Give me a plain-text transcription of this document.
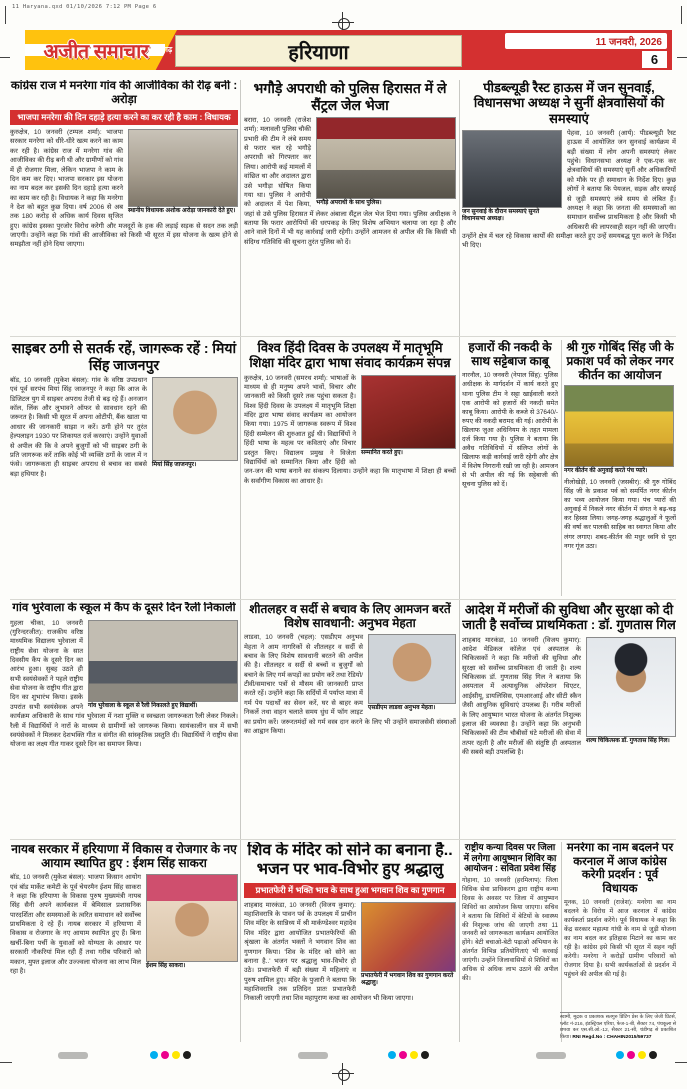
11 Haryana.qxd 01/10/2026 7:12 PM Page 6
अजीत समाचार चंडीगढ़	हरियाणा	11 जनवरी, 2026
6
कांग्रेस राज में मनरेगा गांव की आजीविका की रीढ़ बनी : अरोड़ा
भाजपा मनरेगा की दिन दहाड़े हत्या करने का कर रही है काम : विधायक
स्थानीय विधायक अशोक अरोड़ा जानकारी देते हुए।
कुरुक्षेत्र, 10 जनवरी (टम्पल शर्मा): भाजपा सरकार मनरेगा को धीरे-धीरे खत्म करने का काम कर रही है। कांग्रेस राज में मनरेगा गांव की आजीविका की रीढ़ बनी थी और ग्रामीणों को गांव में ही रोजगार मिला, लेकिन भाजपा ने काम के दिन कम कर दिए। भाजपा सरकार इस योजना का नाम बदल कर इसकी दिन दहाड़े हत्या करने का काम कर रही है। विधायक ने कहा कि मनरेगा ने देश को बहुत कुछ दिया। वर्ष 2006 से अब तक 180 करोड़ से अधिक कार्य दिवस सृजित हुए। कांग्रेस इसका पुरजोर विरोध करेगी और मजदूरों के हक की लड़ाई सड़क से सदन तक लड़ी जाएगी। उन्होंने कहा कि गांवों की आजीविका को किसी भी सूरत में इस योजना के खत्म होने से समझौता नहीं होने दिया जाएगा।
भगौड़े अपराधी को पुलिस हिरासत में ले सैंट्रल जेल भेजा
भगौड़े अपराधी के साथ पुलिस।
बरारा, 10 जनवरी (राजेश शर्मा): मलावली पुलिस चौकी प्रभारी की टीम ने लंबे समय से फरार चल रहे भगौड़े अपराधी को गिरफ्तार कर लिया। आरोपी कई मामलों में वांछित था और अदालत द्वारा उसे भगौड़ा घोषित किया गया था। पुलिस ने आरोपी को अदालत में पेश किया, जहां से उसे पुलिस हिरासत में लेकर अंबाला सैंट्रल जेल भेज दिया गया। पुलिस अधीक्षक ने बताया कि फरार आरोपियों की धरपकड़ के लिए विशेष अभियान चलाया जा रहा है और आने वाले दिनों में भी यह कार्रवाई जारी रहेगी। उन्होंने आमजन से अपील की कि किसी भी संदिग्ध गतिविधि की सूचना तुरंत पुलिस को दें।
पीडब्ल्यूडी रैस्ट हाऊस में जन सुनवाई, विधानसभा अध्यक्ष ने सुनीं क्षेत्रवासियों की समस्याएं
जन सुनवाई के दौरान समस्याएं सुनते विधानसभा अध्यक्ष।
पेहवा, 10 जनवरी (आर्य): पीडब्ल्यूडी रैस्ट हाऊस में आयोजित जन सुनवाई कार्यक्रम में बड़ी संख्या में लोग अपनी समस्याएं लेकर पहुंचे। विधानसभा अध्यक्ष ने एक-एक कर क्षेत्रवासियों की समस्याएं सुनीं और अधिकारियों को मौके पर ही समाधान के निर्देश दिए। कुछ लोगों ने बताया कि पेयजल, सड़क और सफाई से जुड़ी समस्याएं लंबे समय से लंबित हैं। अध्यक्ष ने कहा कि जनता की समस्याओं का समाधान सर्वोच्च प्राथमिकता है और किसी भी अधिकारी की लापरवाही सहन नहीं की जाएगी। उन्होंने क्षेत्र में चल रहे विकास कार्यों की समीक्षा करते हुए उन्हें समयबद्ध पूरा करने के निर्देश भी दिए।
साइबर ठगी से सतर्क रहें, जागरूक रहें : मियां सिंह जाजनपुर
मियां सिंह जाजनपुर।
बॉड, 10 जनवरी (मुकेश बंसल): गांव के वरिष्ठ उपप्रधान एवं पूर्व सरपंच मियां सिंह जाजनपुर ने कहा कि आज के डिजिटल युग में साइबर अपराध तेजी से बढ़ रहे हैं। अनजान कॉल, लिंक और लुभावने ऑफर से सावधान रहने की जरूरत है। किसी भी सूरत में अपना ओटीपी, बैंक खाता या आधार की जानकारी साझा न करें। ठगी होने पर तुरंत हेल्पलाइन 1930 पर शिकायत दर्ज करवाएं। उन्होंने युवाओं से अपील की कि वे अपने बुजुर्गों को भी साइबर ठगी के प्रति जागरूक करें ताकि कोई भी व्यक्ति ठगों के जाल में न फंसे। जागरूकता ही साइबर अपराध से बचाव का सबसे बड़ा हथियार है।
विश्व हिंदी दिवस के उपलक्ष्य में मातृभूमि शिक्षा मंदिर द्वारा भाषा संवाद कार्यक्रम संपन्न
सम्मानित करते हुए।
कुरुक्षेत्र, 10 जनवरी (समरथ शर्मा): भाषाओं के माध्यम से ही मनुष्य अपने भावों, विचार और जानकारी को किसी दूसरे तक पहुंचा सकता है। विश्व हिंदी दिवस के उपलक्ष्य में मातृभूमि शिक्षा मंदिर द्वारा भाषा संवाद कार्यक्रम का आयोजन किया गया। 1975 में जागरूक स्वरूप में विश्व हिंदी सम्मेलन की शुरुआत हुई थी। विद्यार्थियों ने हिंदी भाषा के महत्व पर कविताएं और विचार प्रस्तुत किए। विद्यालय प्रमुख ने विजेता विद्यार्थियों को सम्मानित किया और हिंदी को जन-जन की भाषा बनाने का संकल्प दिलाया। उन्होंने कहा कि मातृभाषा में शिक्षा ही बच्चों के सर्वांगीण विकास का आधार है।
हजारों की नकदी के साथ सट्टेबाज काबू
नारनौल, 10 जनवरी (नेपाल सिंह): पुलिस अधीक्षक के मार्गदर्शन में कार्य करते हुए थाना पुलिस टीम ने सट्टा खाईवाली करते एक आरोपी को हजारों की नकदी समेत काबू किया। आरोपी के कब्जे से 37640/- रुपए की नकदी बरामद की गई। आरोपी के खिलाफ जुआ अधिनियम के तहत मामला दर्ज किया गया है। पुलिस ने बताया कि अवैध गतिविधियों में संलिप्त लोगों के खिलाफ कड़ी कार्रवाई जारी रहेगी और क्षेत्र में विशेष निगरानी रखी जा रही है। आमजन से भी अपील की गई कि सट्टेबाजी की सूचना पुलिस को दें।
श्री गुरु गोबिंद सिंह जी के प्रकाश पर्व को लेकर नगर कीर्तन का आयोजन
नगर कीर्तन की अगुवाई करते पंच प्यारे।
नीलोखेड़ी, 10 जनवरी (जसबीर): श्री गुरु गोबिंद सिंह जी के प्रकाश पर्व को समर्पित नगर कीर्तन का भव्य आयोजन किया गया। पंच प्यारों की अगुवाई में निकले नगर कीर्तन में संगत ने बढ़-चढ़ कर हिस्सा लिया। जगह-जगह श्रद्धालुओं ने फूलों की वर्षा कर पालकी साहिब का स्वागत किया और लंगर लगाए। शबद-कीर्तन की मधुर ध्वनि से पूरा नगर गूंज उठा।
गांव भुरेवाला के स्कूल में कैंप के दूसरे दिन रैली निकाली
गांव भुरेवाला के स्कूल से रैली निकालते हुए विद्यार्थी।
गुहला चीका, 10 जनवरी (गुरिन्दरजीत): राजकीय वरिष्ठ माध्यमिक विद्यालय भुरेवाला में राष्ट्रीय सेवा योजना के सात दिवसीय कैंप के दूसरे दिन का आरंभ हुआ। सुबह उठते ही सभी स्वयंसेवकों ने पहले राष्ट्रीय सेवा योजना के राष्ट्रीय गीत द्वारा दिन का शुभारंभ किया। इसके उपरांत सभी स्वयंसेवक अपने कार्यक्रम अधिकारी के साथ गांव भुरेवाला में नशा मुक्ति व स्वच्छता जागरूकता रैली लेकर निकले। रैली में विद्यार्थियों ने नारों के माध्यम से ग्रामीणों को जागरूक किया। सायंकालीन सत्र में सभी स्वयंसेवकों ने मिलकर देशभक्ति गीत व संगीत की सांस्कृतिक प्रस्तुति दी। विद्यार्थियों ने राष्ट्रीय सेवा योजना का लक्ष्य गीत गाकर दूसरे दिन का समापन किया।
शीतलहर व सर्दी से बचाव के लिए आमजन बरतें विशेष सावधानी: अनुभव मेहता
एसडीएम लाडवा अनुभव मेहता।
लाडवा, 10 जनवरी (चहल): एसडीएम अनुभव मेहता ने आम नागरिकों से शीतलहर व सर्दी से बचाव के लिए विशेष सावधानी बरतने की अपील की है। शीतलहर व सर्दी से बच्चों व बुजुर्गों को बचाने के लिए गर्म कपड़ों का प्रयोग करें तथा रेडियो/टीवी/समाचार पत्रों से मौसम की जानकारी प्राप्त करते रहें। उन्होंने कहा कि सर्दियों में पर्याप्त मात्रा में गर्म पेय पदार्थों का सेवन करें, घर से बाहर कम निकलें तथा वाहन चलाते समय धुंध में फॉग लाइट का प्रयोग करें। जरूरतमंदों को गर्म वस्त्र दान करने के लिए भी उन्होंने समाजसेवी संस्थाओं का आह्वान किया।
आदेश में मरीजों की सुविधा और सुरक्षा को दी जाती है सर्वोच्च प्राथमिकता : डॉ. गुणतास गिल
शल्य चिकित्सक डॉ. गुणतास सिंह गिल।
शाहबाद मारकंडा, 10 जनवरी (विजय कुमार): आदेश मेडिकल कॉलेज एवं अस्पताल के चिकित्सकों ने कहा कि मरीजों की सुविधा और सुरक्षा को सर्वोच्च प्राथमिकता दी जाती है। शल्य चिकित्सक डॉ. गुणतास सिंह गिल ने बताया कि अस्पताल में अत्याधुनिक ऑपरेशन थिएटर, आईसीयू, डायलिसिस, एमआरआई और सीटी स्कैन जैसी आधुनिक सुविधाएं उपलब्ध हैं। गरीब मरीजों के लिए आयुष्मान भारत योजना के अंतर्गत निशुल्क इलाज की व्यवस्था है। उन्होंने कहा कि अनुभवी चिकित्सकों की टीम चौबीसों घंटे मरीजों की सेवा में तत्पर रहती है और मरीजों की संतुष्टि ही अस्पताल की सबसे बड़ी उपलब्धि है।
नायब सरकार में हरियाणा में विकास व रोजगार के नए आयाम स्थापित हुए : ईशम सिंह साकरा
ईशम सिंह साकरा।
बॉड, 10 जनवरी (मुकेश बंसल): भाजपा किसान आयोग एवं बॉड मार्केट कमेटी के पूर्व चेयरमैन ईशम सिंह साकरा ने कहा कि हरियाणा के विकास पुरुष मुख्यमंत्री नायब सिंह सैनी अपने कार्यकाल में बेमिसाल प्रशासनिक पारदर्शिता और समस्याओं के त्वरित समाधान को सर्वोच्च प्राथमिकता दे रहे हैं। नायब सरकार में हरियाणा में विकास व रोजगार के नए आयाम स्थापित हुए हैं। बिना खर्ची-बिना पर्ची के युवाओं को योग्यता के आधार पर सरकारी नौकरियां मिल रही हैं तथा गरीब परिवारों को मकान, मुफ्त इलाज और उज्ज्वला योजना का लाभ मिल रहा है।
शिव के मंदिर को सोने का बनाना है.. भजन पर भाव-विभोर हुए श्रद्धालु
प्रभातफेरी में भक्ति भाव के साथ हुआ भगवान शिव का गुणगान
प्रभातफेरी में भगवान शिव का गुणगान करते श्रद्धालु।
शाहबाद मारकंडा, 10 जनवरी (विजय कुमार): महाशिवरात्रि के पावन पर्व के उपलक्ष्य में प्राचीन शिव मंदिर के सान्निध्य में श्री मार्कण्डेश्वर महादेव शिव मंदिर द्वारा आयोजित प्रभातफेरियों की श्रृंखला के अंतर्गत भक्तों ने भगवान शिव का गुणगान किया। 'शिव के मंदिर को सोने का बनाना है..' भजन पर श्रद्धालु भाव-विभोर हो उठे। प्रभातफेरी में बड़ी संख्या में महिलाएं व पुरुष शामिल हुए। मंदिर के पुजारी ने बताया कि महाशिवरात्रि तक प्रतिदिन प्रातः प्रभातफेरी निकाली जाएगी तथा शिव महापुराण कथा का आयोजन भी किया जाएगा।
राष्ट्रीय कन्या दिवस पर जिला में लगेगा आयुष्मान शिविर का आयोजन : सविता प्रवेश सिंह
गोहाना, 10 जनवरी (हरमिलाप): जिला विधिक सेवा प्राधिकरण द्वारा राष्ट्रीय कन्या दिवस के अवसर पर जिला में आयुष्मान शिविरों का आयोजन किया जाएगा। सचिव ने बताया कि शिविरों में बेटियों के स्वास्थ्य की निशुल्क जांच की जाएगी तथा 11 जनवरी को जागरूकता कार्यक्रम आयोजित होंगे। बेटी बचाओ-बेटी पढ़ाओ अभियान के अंतर्गत विभिन्न प्रतियोगिताएं भी करवाई जाएंगी। उन्होंने जिलावासियों से शिविरों का अधिक से अधिक लाभ उठाने की अपील की।
मनरेगा का नाम बदलने पर करनाल में आज कांग्रेस करेगी प्रदर्शन : पूर्व विधायक
मूनक, 10 जनवरी (राजेश): मनरेगा का नाम बदलने के विरोध में आज करनाल में कांग्रेस कार्यकर्ता प्रदर्शन करेंगे। पूर्व विधायक ने कहा कि केंद्र सरकार महात्मा गांधी के नाम से जुड़ी योजना का नाम बदल कर इतिहास मिटाने का काम कर रही है। कांग्रेस इसे किसी भी सूरत में सहन नहीं करेगी। मनरेगा ने करोड़ों ग्रामीण परिवारों को रोजगार दिया है। सभी कार्यकर्ताओं से प्रदर्शन में पहुंचने की अपील की गई है।
स्वामी, मुद्रक व प्रकाशक सतगुरु प्रिंटिंग प्रेस के लिए जेजी प्रिंटर्स, प्लॉट नं-216, इंडस्ट्रियल एरिया, फेज-1-बी, सैक्टर 74, पंचकूला से छपवा कर एस.सी.ओ.-12, सैक्टर 21-सी, चंडीगढ़ से प्रकाशित किया। RNI Regd.No : CHAHIN2015/59737
